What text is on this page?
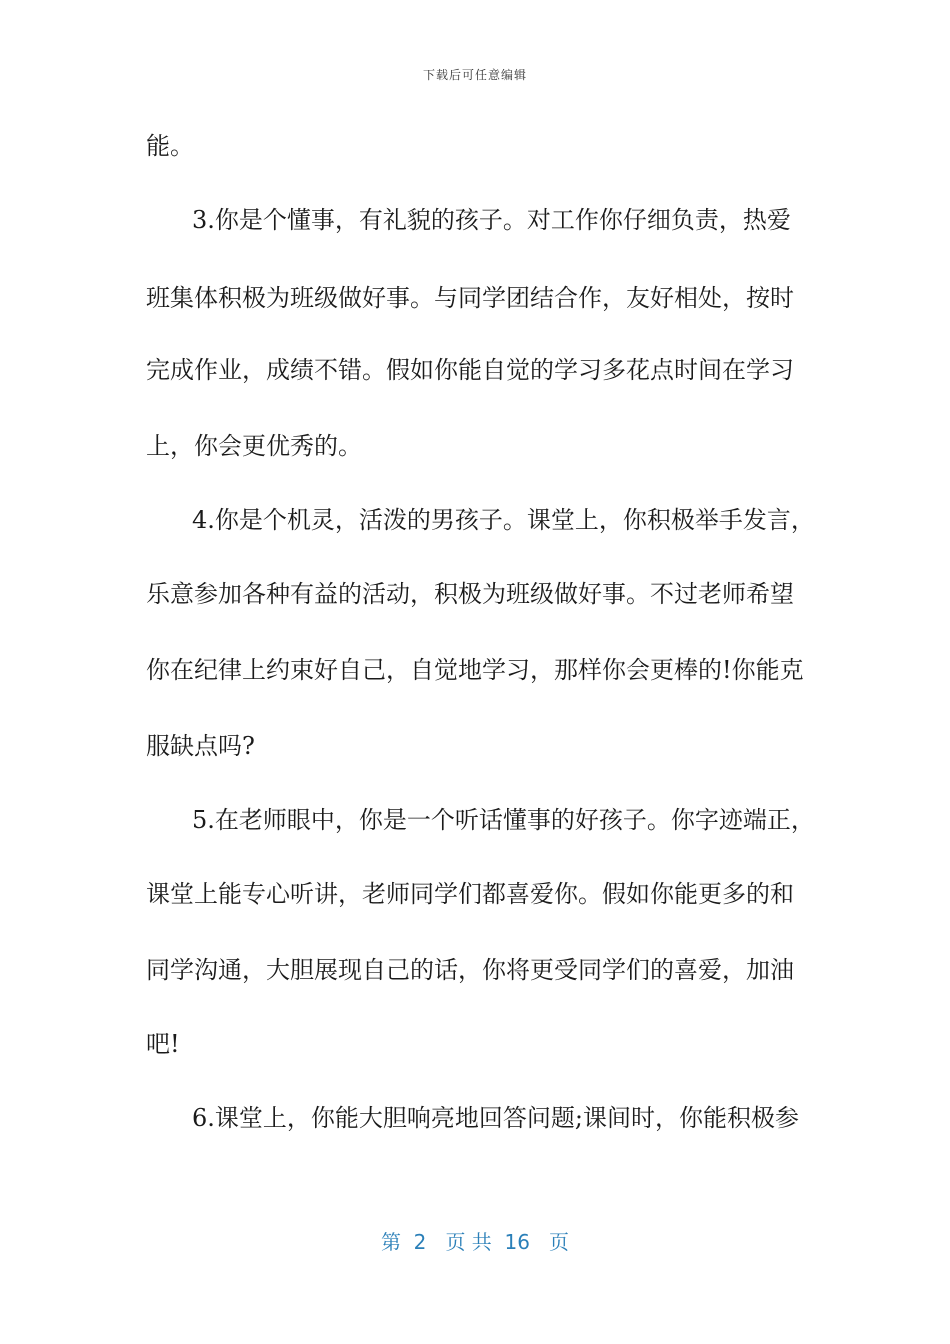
下载后可任意编辑
能。
3.你是个懂事，有礼貌的孩子。对工作你仔细负责，热爱
班集体积极为班级做好事。与同学团结合作，友好相处，按时
完成作业，成绩不错。假如你能自觉的学习多花点时间在学习
上，你会更优秀的。
4.你是个机灵，活泼的男孩子。课堂上，你积极举手发言，
乐意参加各种有益的活动，积极为班级做好事。不过老师希望
你在纪律上约束好自己，自觉地学习，那样你会更棒的!你能克
服缺点吗?
5.在老师眼中，你是一个听话懂事的好孩子。你字迹端正，
课堂上能专心听讲，老师同学们都喜爱你。假如你能更多的和
同学沟通，大胆展现自己的话，你将更受同学们的喜爱，加油
吧!
6.课堂上，你能大胆响亮地回答问题;课间时，你能积极参
第  2   页 共  16   页
